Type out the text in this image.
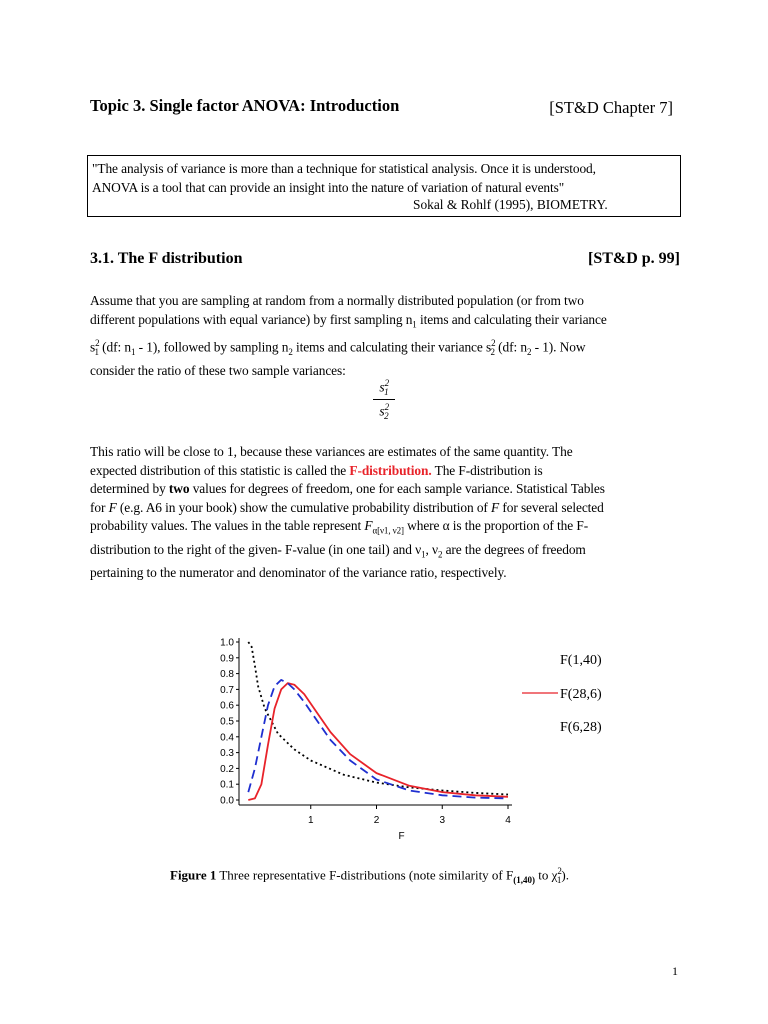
Topic 3. Single factor ANOVA: Introduction	[ST&D Chapter 7]
"The analysis of variance is more than a technique for statistical analysis. Once it is understood,
ANOVA is a tool that can provide an insight into the nature of variation of natural events"
Sokal & Rohlf (1995), BIOMETRY.
3.1. The F distribution	[ST&D p. 99]
Assume that you are sampling at random from a normally distributed population (or from two
different populations with equal variance) by first sampling $n_1$ items and calculating their variance
$s^2_1$ (df: $n_1 - 1$), followed by sampling $n_2$ items and calculating their variance $s^2_2$ (df: $n_2 - 1$). Now
consider the ratio of these two sample variances:
$s^2_1$
$s^2_2$
This ratio will be close to 1, because these variances are estimates of the same quantity. The
expected distribution of this statistic is called the F-distribution. The F-distribution is
determined by two values for degrees of freedom, one for each sample variance. Statistical Tables
for F (e.g. A6 in your book) show the cumulative probability distribution of F for several selected
probability values. The values in the table represent $F_{\alpha[\nu 1, \nu 2]}$ where α is the proportion of the F-
distribution to the right of the given- F-value (in one tail) and $\nu_1$, $\nu_2$ are the degrees of freedom
pertaining to the numerator and denominator of the variance ratio, respectively.
0.0
0.1
0.2
0.3
0.4
0.5
0.6
0.7
0.8
0.9
1.0
1	2	3	4
F
F(1,40)
F(28,6)
F(6,28)
Figure 1 Three representative F-distributions (note similarity of $F_{(1,40)}$ to $\chi^2_1$).
1
